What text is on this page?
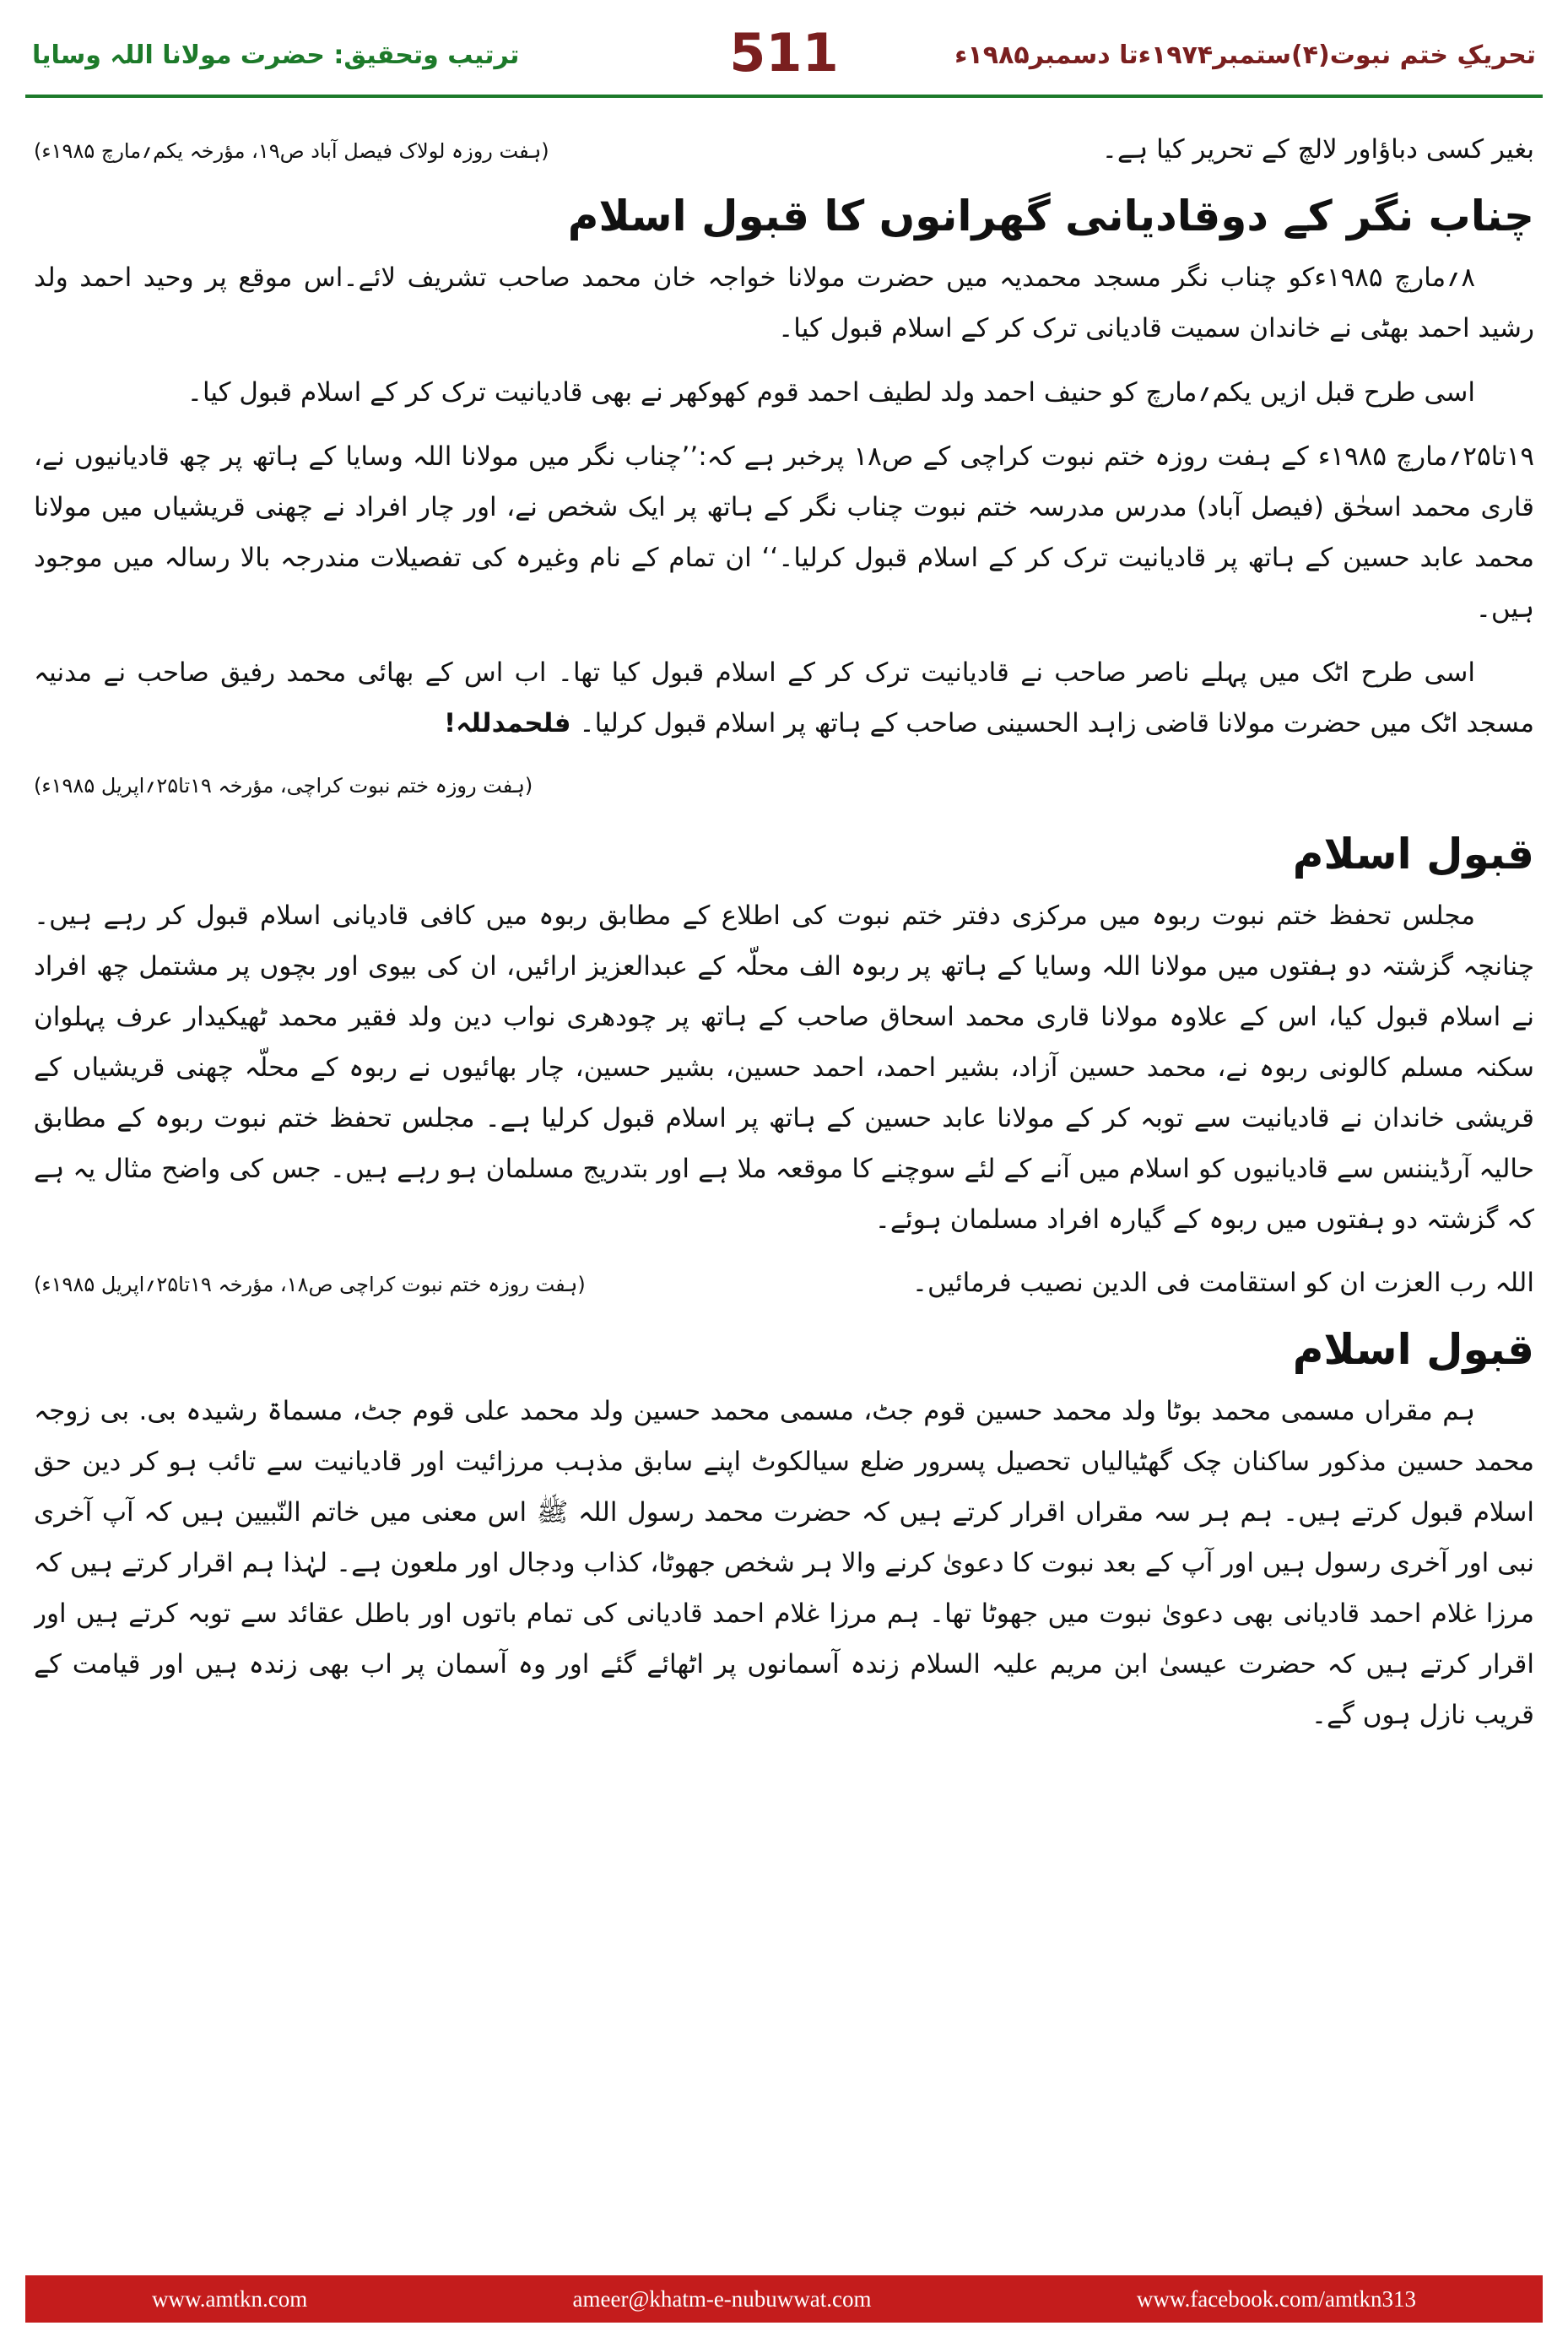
تحریکِ ختم نبوت(۴)ستمبر۱۹۷۴ءتا دسمبر۱۹۸۵ء
511
ترتیب وتحقیق: حضرت مولانا اللہ وسایا
بغیر کسی دباؤاور لالچ کے تحریر کیا ہے۔
(ہفت روزہ لولاک فیصل آباد ص۱۹، مؤرخہ یکم؍مارچ ۱۹۸۵ء)
چناب نگر کے دوقادیانی گھرانوں کا قبول اسلام

۸؍مارچ ۱۹۸۵ءکو چناب نگر مسجد محمدیہ میں حضرت مولانا خواجہ خان محمد صاحب تشریف لائے۔اس موقع پر وحید احمد ولد رشید احمد بھٹی نے خاندان سمیت قادیانی ترک کر کے اسلام قبول کیا۔

اسی طرح قبل ازیں یکم؍مارچ کو حنیف احمد ولد لطیف احمد قوم کھوکھر نے بھی قادیانیت ترک کر کے اسلام قبول کیا۔

۱۹تا۲۵؍مارچ ۱۹۸۵ء کے ہفت روزہ ختم نبوت کراچی کے ص۱۸ پرخبر ہے کہ:’’چناب نگر میں مولانا اللہ وسایا کے ہاتھ پر چھ قادیانیوں نے، قاری محمد اسحٰق (فیصل آباد) مدرس مدرسہ ختم نبوت چناب نگر کے ہاتھ پر ایک شخص نے، اور چار افراد نے چھنی قریشیاں میں مولانا محمد عابد حسین کے ہاتھ پر قادیانیت ترک کر کے اسلام قبول کرلیا۔‘‘ ان تمام کے نام وغیرہ کی تفصیلات مندرجہ بالا رسالہ میں موجود ہیں۔

اسی طرح اٹک میں پہلے ناصر صاحب نے قادیانیت ترک کر کے اسلام قبول کیا تھا۔ اب اس کے بھائی محمد رفیق صاحب نے مدنیہ مسجد اٹک میں حضرت مولانا قاضی زاہد الحسینی صاحب کے ہاتھ پر اسلام قبول کرلیا۔ فلحمدللہ!

(ہفت روزہ ختم نبوت کراچی، مؤرخہ ۱۹تا۲۵؍اپریل ۱۹۸۵ء)
قبول اسلام

مجلس تحفظ ختم نبوت ربوہ میں مرکزی دفتر ختم نبوت کی اطلاع کے مطابق ربوہ میں کافی قادیانی اسلام قبول کر رہے ہیں۔ چنانچہ گزشتہ دو ہفتوں میں مولانا اللہ وسایا کے ہاتھ پر ربوہ الف محلّہ کے عبدالعزیز ارائیں، ان کی بیوی اور بچوں پر مشتمل چھ افراد نے اسلام قبول کیا، اس کے علاوہ مولانا قاری محمد اسحاق صاحب کے ہاتھ پر چودھری نواب دین ولد فقیر محمد ٹھیکیدار عرف پہلوان سکنہ مسلم کالونی ربوہ نے، محمد حسین آزاد، بشیر احمد، احمد حسین، بشیر حسین، چار بھائیوں نے ربوہ کے محلّہ چھنی قریشیاں کے قریشی خاندان نے قادیانیت سے توبہ کر کے مولانا عابد حسین کے ہاتھ پر اسلام قبول کرلیا ہے۔ مجلس تحفظ ختم نبوت ربوہ کے مطابق حالیہ آرڈیننس سے قادیانیوں کو اسلام میں آنے کے لئے سوچنے کا موقعہ ملا ہے اور بتدریج مسلمان ہو رہے ہیں۔ جس کی واضح مثال یہ ہے کہ گزشتہ دو ہفتوں میں ربوہ کے گیارہ افراد مسلمان ہوئے۔

اللہ رب العزت ان کو استقامت فی الدین نصیب فرمائیں۔
(ہفت روزہ ختم نبوت کراچی ص۱۸، مؤرخہ ۱۹تا۲۵؍اپریل ۱۹۸۵ء)
قبول اسلام

ہم مقراں مسمی محمد بوٹا ولد محمد حسین قوم جٹ، مسمی محمد حسین ولد محمد علی قوم جٹ، مسماۃ رشیدہ بی. بی زوجہ محمد حسین مذکور ساکنان چک گھٹیالیاں تحصیل پسرور ضلع سیالکوٹ اپنے سابق مذہب مرزائیت اور قادیانیت سے تائب ہو کر دین حق اسلام قبول کرتے ہیں۔ ہم ہر سہ مقراں اقرار کرتے ہیں کہ حضرت محمد رسول اللہ ﷺ اس معنی میں خاتم النّبیین ہیں کہ آپ آخری نبی اور آخری رسول ہیں اور آپ کے بعد نبوت کا دعویٰ کرنے والا ہر شخص جھوٹا، کذاب ودجال اور ملعون ہے۔ لہٰذا ہم اقرار کرتے ہیں کہ مرزا غلام احمد قادیانی بھی دعویٰ نبوت میں جھوٹا تھا۔ ہم مرزا غلام احمد قادیانی کی تمام باتوں اور باطل عقائد سے توبہ کرتے ہیں اور اقرار کرتے ہیں کہ حضرت عیسیٰ ابن مریم علیہ السلام زندہ آسمانوں پر اٹھائے گئے اور وہ آسمان پر اب بھی زندہ ہیں اور قیامت کے قریب نازل ہوں گے۔

www.amtkn.com	ameer@khatm-e-nubuwwat.com	www.facebook.com/amtkn313
